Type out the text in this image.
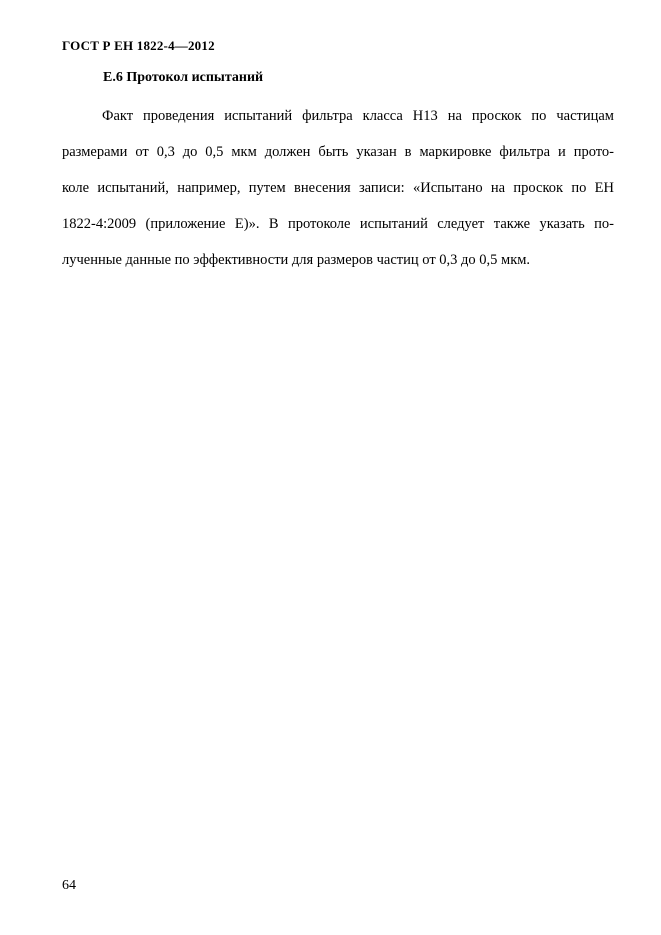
ГОСТ Р ЕН 1822-4—2012
Е.6 Протокол испытаний
Факт проведения испытаний фильтра класса Н13 на проскок по частицам
размерами от 0,3 до 0,5 мкм должен быть указан в маркировке фильтра и прото-
коле испытаний, например, путем внесения записи: «Испытано на проскок по ЕН
1822-4:2009 (приложение Е)». В протоколе испытаний следует также указать по-
лученные данные по эффективности для размеров частиц от 0,3 до 0,5 мкм.
64
